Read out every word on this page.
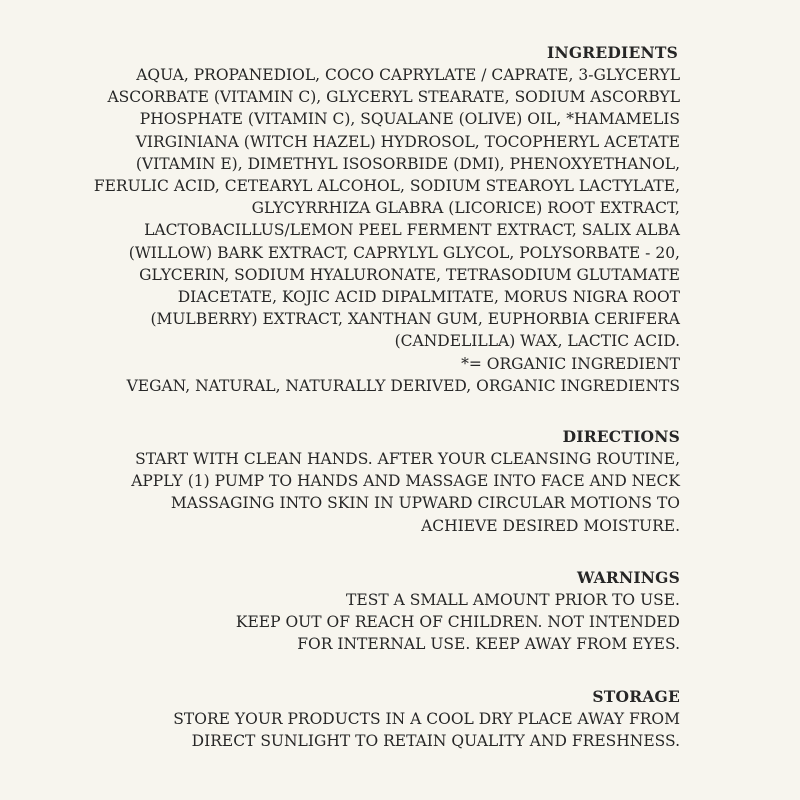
INGREDIENTS
AQUA, PROPANEDIOL, COCO CAPRYLATE / CAPRATE, 3-GLYCERYL
ASCORBATE (VITAMIN C), GLYCERYL STEARATE, SODIUM ASCORBYL
PHOSPHATE (VITAMIN C), SQUALANE (OLIVE) OIL, *HAMAMELIS
VIRGINIANA (WITCH HAZEL) HYDROSOL, TOCOPHERYL ACETATE
(VITAMIN E), DIMETHYL ISOSORBIDE (DMI), PHENOXYETHANOL,
FERULIC ACID, CETEARYL ALCOHOL, SODIUM STEAROYL LACTYLATE,
GLYCYRRHIZA GLABRA (LICORICE) ROOT EXTRACT,
LACTOBACILLUS/LEMON PEEL FERMENT EXTRACT, SALIX ALBA
(WILLOW) BARK EXTRACT, CAPRYLYL GLYCOL, POLYSORBATE - 20,
GLYCERIN, SODIUM HYALURONATE, TETRASODIUM GLUTAMATE
DIACETATE, KOJIC ACID DIPALMITATE, MORUS NIGRA ROOT
(MULBERRY) EXTRACT, XANTHAN GUM, EUPHORBIA CERIFERA
(CANDELILLA) WAX, LACTIC ACID.
*= ORGANIC INGREDIENT
VEGAN, NATURAL, NATURALLY DERIVED, ORGANIC INGREDIENTS
DIRECTIONS
START WITH CLEAN HANDS. AFTER YOUR CLEANSING ROUTINE,
APPLY (1) PUMP TO HANDS AND MASSAGE INTO FACE AND NECK
MASSAGING INTO SKIN IN UPWARD CIRCULAR MOTIONS TO
ACHIEVE DESIRED MOISTURE.
WARNINGS
TEST A SMALL AMOUNT PRIOR TO USE.
KEEP OUT OF REACH OF CHILDREN. NOT INTENDED
FOR INTERNAL USE. KEEP AWAY FROM EYES.
STORAGE
STORE YOUR PRODUCTS IN A COOL DRY PLACE AWAY FROM
DIRECT SUNLIGHT TO RETAIN QUALITY AND FRESHNESS.
